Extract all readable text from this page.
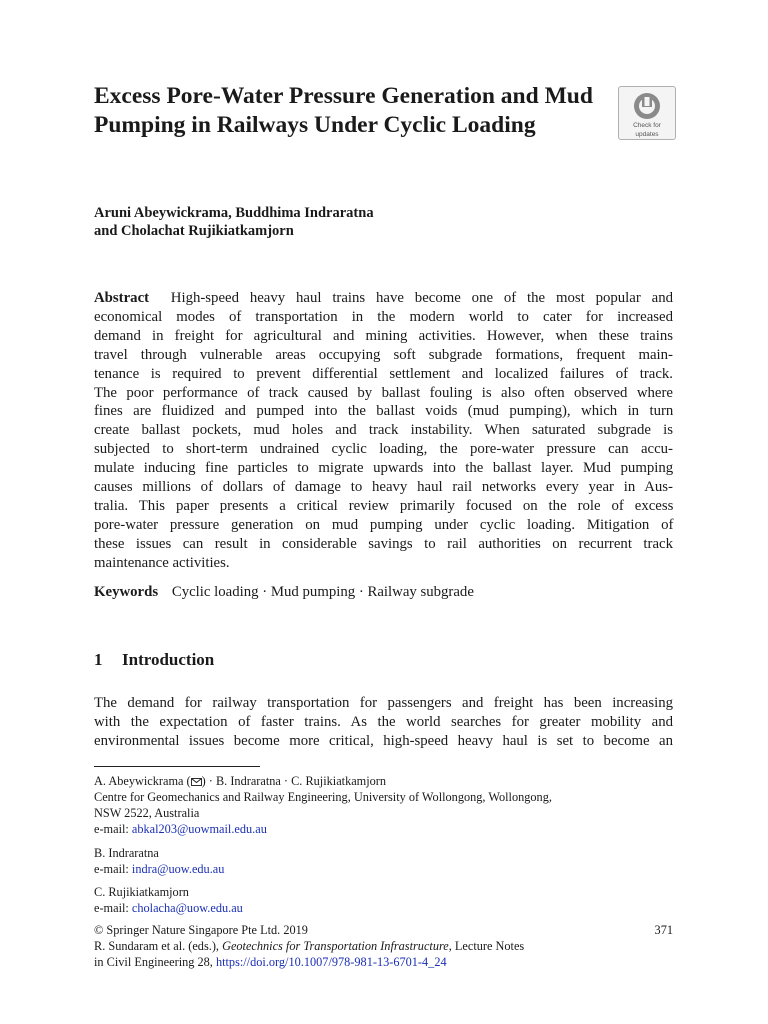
Excess Pore-Water Pressure Generation and Mud Pumping in Railways Under Cyclic Loading	Check for
updates
Aruni Abeywickrama, Buddhima Indraratna
and Cholachat Rujikiatkamjorn
Abstract High-speed heavy haul trains have become one of the most popular and
economical modes of transportation in the modern world to cater for increased
demand in freight for agricultural and mining activities. However, when these trains
travel through vulnerable areas occupying soft subgrade formations, frequent main-
tenance is required to prevent differential settlement and localized failures of track.
The poor performance of track caused by ballast fouling is also often observed where
fines are fluidized and pumped into the ballast voids (mud pumping), which in turn
create ballast pockets, mud holes and track instability. When saturated subgrade is
subjected to short-term undrained cyclic loading, the pore-water pressure can accu-
mulate inducing fine particles to migrate upwards into the ballast layer. Mud pumping
causes millions of dollars of damage to heavy haul rail networks every year in Aus-
tralia. This paper presents a critical review primarily focused on the role of excess
pore-water pressure generation on mud pumping under cyclic loading. Mitigation of
these issues can result in considerable savings to rail authorities on recurrent track
maintenance activities.
Keywords Cyclic loading · Mud pumping · Railway subgrade
1 Introduction
The demand for railway transportation for passengers and freight has been increasing
with the expectation of faster trains. As the world searches for greater mobility and
environmental issues become more critical, high-speed heavy haul is set to become an
A. Abeywickrama ( ) · B. Indraratna · C. Rujikiatkamjorn
Centre for Geomechanics and Railway Engineering, University of Wollongong, Wollongong,
NSW 2522, Australia
e-mail: abkal203@uowmail.edu.au
B. Indraratna
e-mail: indra@uow.edu.au
C. Rujikiatkamjorn
e-mail: cholacha@uow.edu.au
© Springer Nature Singapore Pte Ltd. 2019	371
R. Sundaram et al. (eds.), Geotechnics for Transportation Infrastructure, Lecture Notes
in Civil Engineering 28, https://doi.org/10.1007/978-981-13-6701-4_24
